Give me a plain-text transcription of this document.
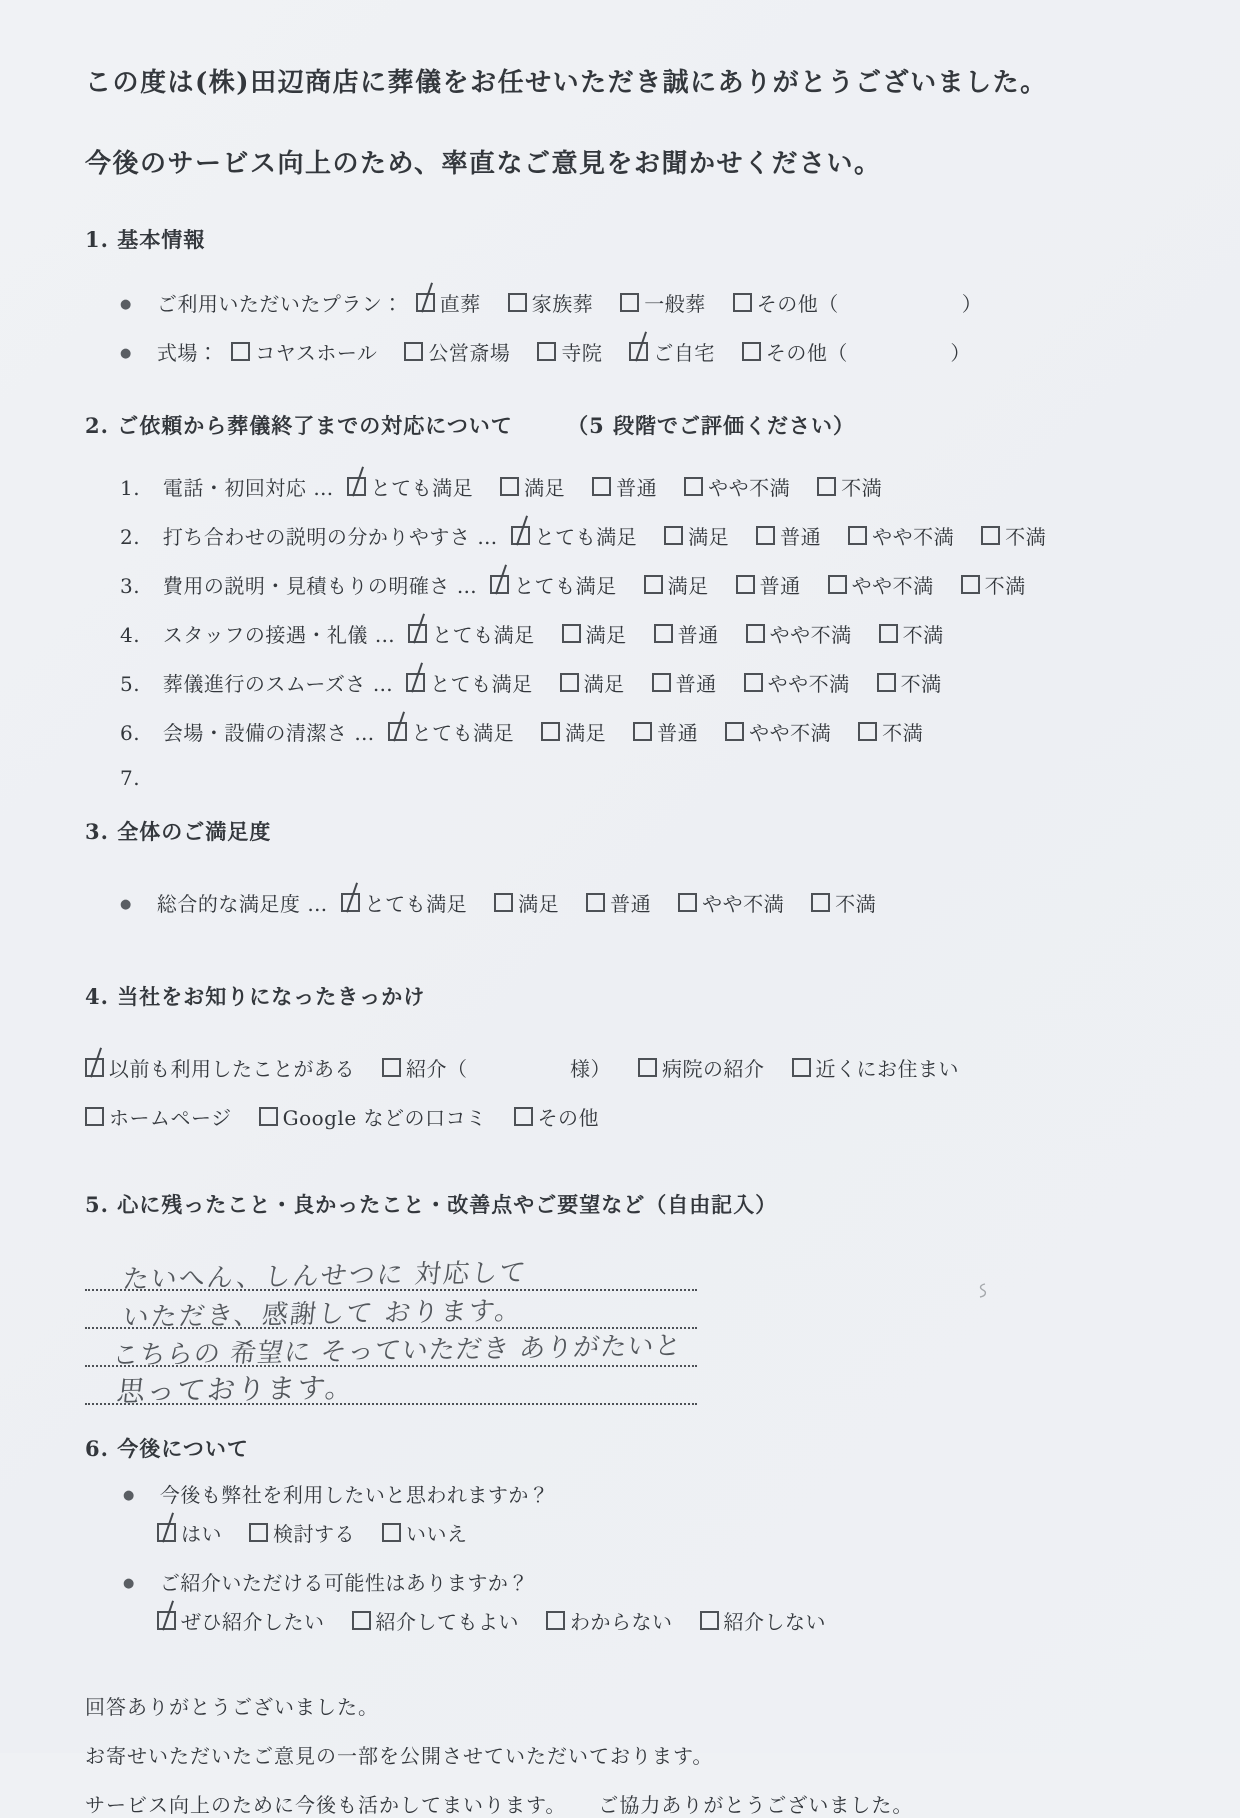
この度は(株)田辺商店に葬儀をお任せいただき誠にありがとうございました。

今後のサービス向上のため、率直なご意見をお聞かせください。

1. 基本情報

● ご利用いただいたプラン： 直葬	家族葬	一般葬	その他（　　　　　　）

● 式場： コヤスホール	公営斎場	寺院	ご自宅	その他（　　　　　）

2. ご依頼から葬儀終了までの対応について	（5 段階でご評価ください）

1. 電話・初回対応 … とても満足	満足	普通	やや不満	不満

2. 打ち合わせの説明の分かりやすさ … とても満足	満足	普通	やや不満	不満

3. 費用の説明・見積もりの明確さ … とても満足	満足	普通	やや不満	不満

4. スタッフの接遇・礼儀 … とても満足	満足	普通	やや不満	不満

5. 葬儀進行のスムーズさ … とても満足	満足	普通	やや不満	不満

6. 会場・設備の清潔さ … とても満足	満足	普通	やや不満	不満

7.

3. 全体のご満足度

● 総合的な満足度 … とても満足	満足	普通	やや不満	不満

4. 当社をお知りになったきっかけ

以前も利用したことがある	紹介（　　　　　様）	病院の紹介	近くにお住まい

ホームページ	Google などの口コミ	その他

5. 心に残ったこと・良かったこと・改善点やご要望など（自由記入）
たいへん、しんせつに 対応して
いただき、感謝して おります。
こちらの 希望に そっていただき ありがたいと
思っております。
6. 今後について

● 今後も弊社を利用したいと思われますか？

はい	検討する	いいえ

● ご紹介いただける可能性はありますか？

ぜひ紹介したい	紹介してもよい	わからない	紹介しない

回答ありがとうございました。

お寄せいただいたご意見の一部を公開させていただいております。

サービス向上のために今後も活かしてまいります。　　ご協力ありがとうございました。
